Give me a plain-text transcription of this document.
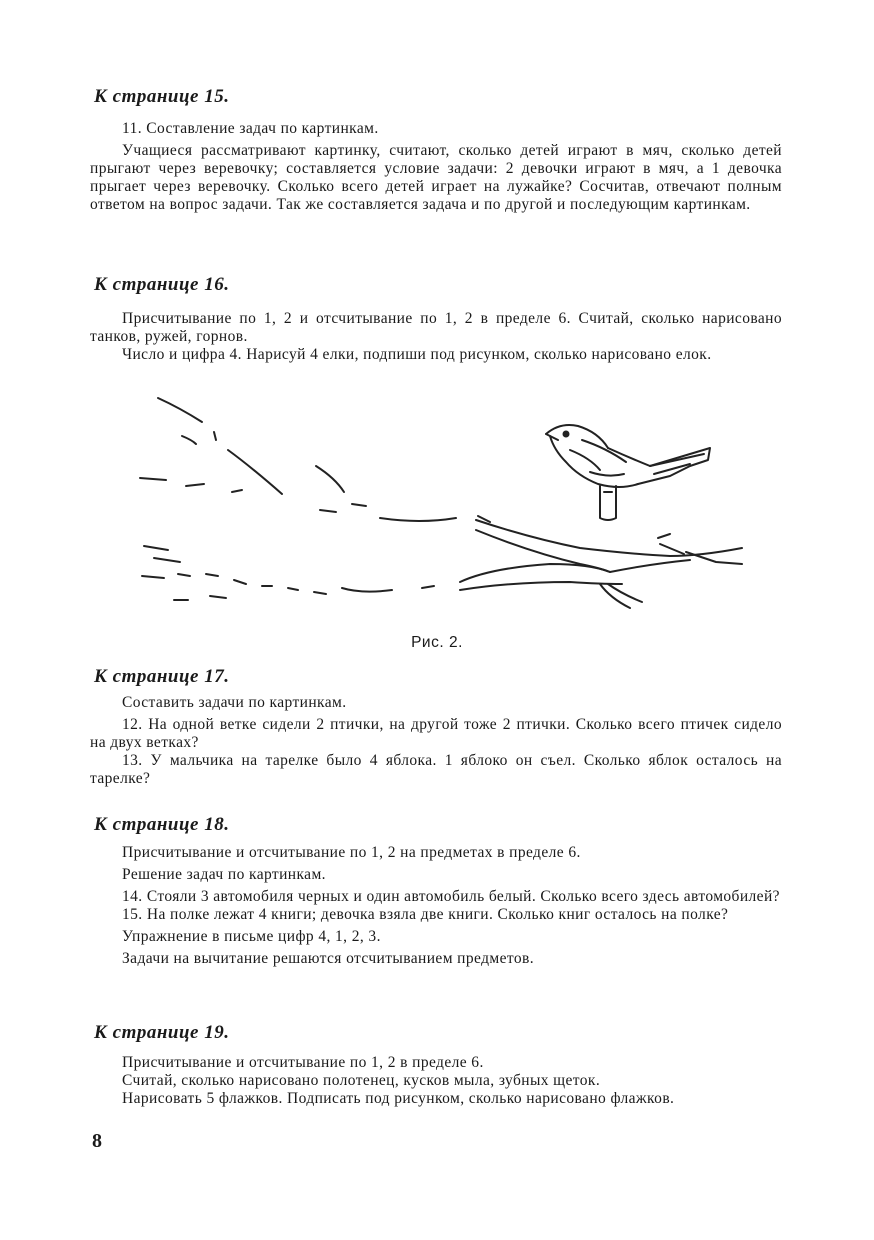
К странице 15.

11. Составление задач по картинкам.

Учащиеся рассматривают картинку, считают, сколько детей играют в мяч, сколько детей прыгают через веревочку; составляется условие задачи: 2 девочки играют в мяч, а 1 девочка прыгает через веревочку. Сколько всего детей играет на лужайке? Сосчитав, отвечают полным ответом на вопрос задачи. Так же составляется задача и по другой и последующим картинкам.

К странице 16.

Присчитывание по 1, 2 и отсчитывание по 1, 2 в пределе 6. Считай, сколько нарисовано танков, ружей, горнов.

Число и цифра 4. Нарисуй 4 елки, подпиши под рисунком, сколько нарисовано елок.

Рис. 2.
К странице 17.

Составить задачи по картинкам.

12. На одной ветке сидели 2 птички, на другой тоже 2 птички. Сколько всего птичек сидело на двух ветках?

13. У мальчика на тарелке было 4 яблока. 1 яблоко он съел. Сколько яблок осталось на тарелке?

К странице 18.

Присчитывание и отсчитывание по 1, 2 на предметах в пределе 6.

Решение задач по картинкам.

14. Стояли 3 автомобиля черных и один автомобиль белый. Сколько всего здесь автомобилей?

15. На полке лежат 4 книги; девочка взяла две книги. Сколько книг осталось на полке?

Упражнение в письме цифр 4, 1, 2, 3.

Задачи на вычитание решаются отсчитыванием предметов.

К странице 19.

Присчитывание и отсчитывание по 1, 2 в пределе 6.

Считай, сколько нарисовано полотенец, кусков мыла, зубных щеток.

Нарисовать 5 флажков. Подписать под рисунком, сколько нарисовано флажков.

8
